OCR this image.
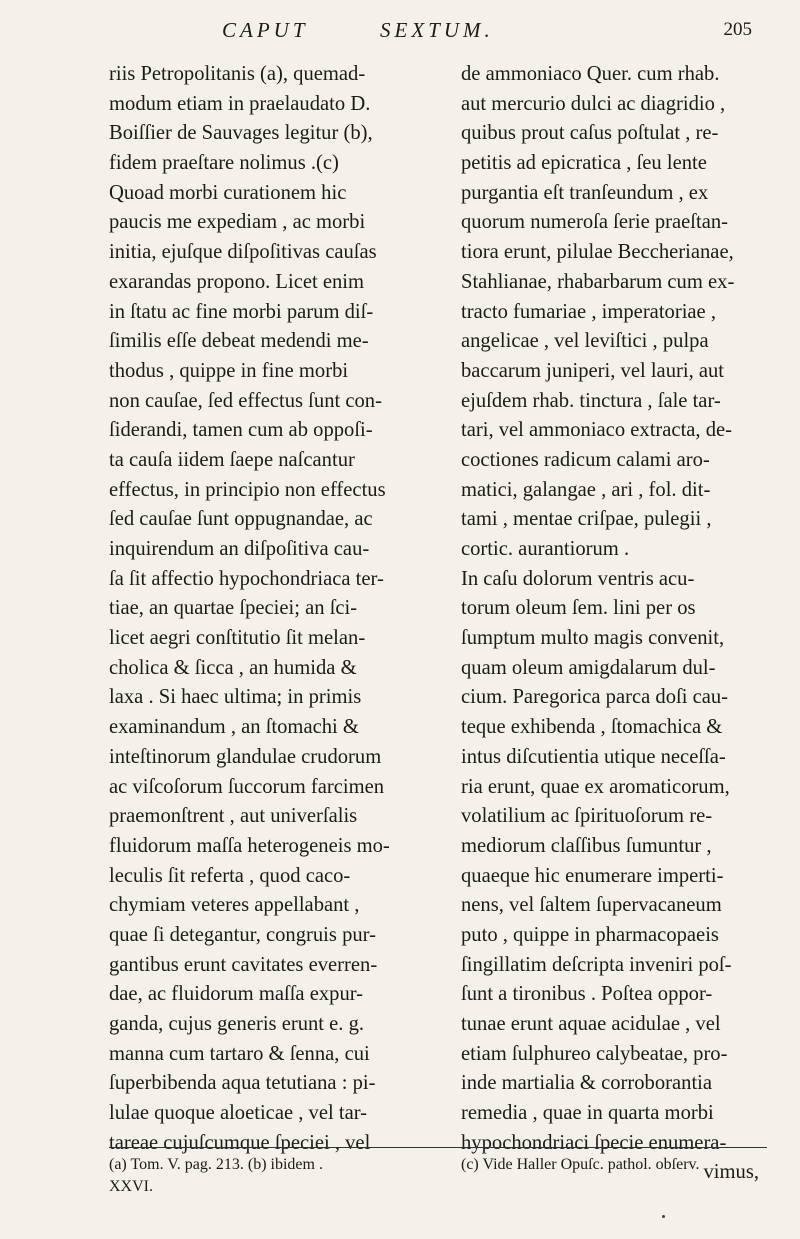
CAPUT	SEXTUM.	205
riis Petropolitanis (a), quemad-
modum etiam in praelaudato D.
Boiſſier de Sauvages legitur (b),
fidem praeſtare nolimus .(c)
Quoad morbi curationem hic
paucis me expediam , ac morbi
initia, ejuſque diſpoſitivas cauſas
exarandas propono. Licet enim
in ſtatu ac fine morbi parum diſ-
ſimilis eſſe debeat medendi me-
thodus , quippe in fine morbi
non cauſae, ſed effectus ſunt con-
ſiderandi, tamen cum ab oppoſi-
ta cauſa iidem ſaepe naſcantur
effectus, in principio non effectus
ſed cauſae ſunt oppugnandae, ac
inquirendum an diſpoſitiva cau-
ſa ſit affectio hypochondriaca ter-
tiae, an quartae ſpeciei; an ſci-
licet aegri conſtitutio ſit melan-
cholica & ſicca , an humida &
laxa . Si haec ultima; in primis
examinandum , an ſtomachi &
inteſtinorum glandulae crudorum
ac viſcoſorum ſuccorum farcimen
praemonſtrent , aut univerſalis
fluidorum maſſa heterogeneis mo-
leculis ſit referta , quod caco-
chymiam veteres appellabant ,
quae ſi detegantur, congruis pur-
gantibus erunt cavitates everren-
dae, ac fluidorum maſſa expur-
ganda, cujus generis erunt e. g.
manna cum tartaro & ſenna, cui
ſuperbibenda aqua tetutiana : pi-
lulae quoque aloeticae , vel tar-
tareae cujuſcumque ſpeciei , vel
de ammoniaco Quer. cum rhab.
aut mercurio dulci ac diagridio ,
quibus prout caſus poſtulat , re-
petitis ad epicratica , ſeu lente
purgantia eſt tranſeundum , ex
quorum numeroſa ſerie praeſtan-
tiora erunt, pilulae Beccherianae,
Stahlianae, rhabarbarum cum ex-
tracto fumariae , imperatoriae ,
angelicae , vel leviſtici , pulpa
baccarum juniperi, vel lauri, aut
ejuſdem rhab. tinctura , ſale tar-
tari, vel ammoniaco extracta, de-
coctiones radicum calami aro-
matici, galangae , ari , fol. dit-
tami , mentae criſpae, pulegii ,
cortic. aurantiorum .
In caſu dolorum ventris acu-
torum oleum ſem. lini per os
ſumptum multo magis convenit,
quam oleum amigdalarum dul-
cium. Paregorica parca doſi cau-
teque exhibenda , ſtomachica &
intus diſcutientia utique neceſſa-
ria erunt, quae ex aromaticorum,
volatilium ac ſpirituoſorum re-
mediorum claſſibus ſumuntur ,
quaeque hic enumerare imperti-
nens, vel ſaltem ſupervacaneum
puto , quippe in pharmacopaeis
ſingillatim deſcripta inveniri poſ-
ſunt a tironibus . Poſtea oppor-
tunae erunt aquae acidulae , vel
etiam ſulphureo calybeatae, pro-
inde martialia & corroborantia
remedia , quae in quarta morbi
hypochondriaci ſpecie enumera-
vimus,
(a) Tom. V. pag. 213. (b) ibidem .	(c) Vide Haller Opuſc. pathol. obſerv.
XXVI.
